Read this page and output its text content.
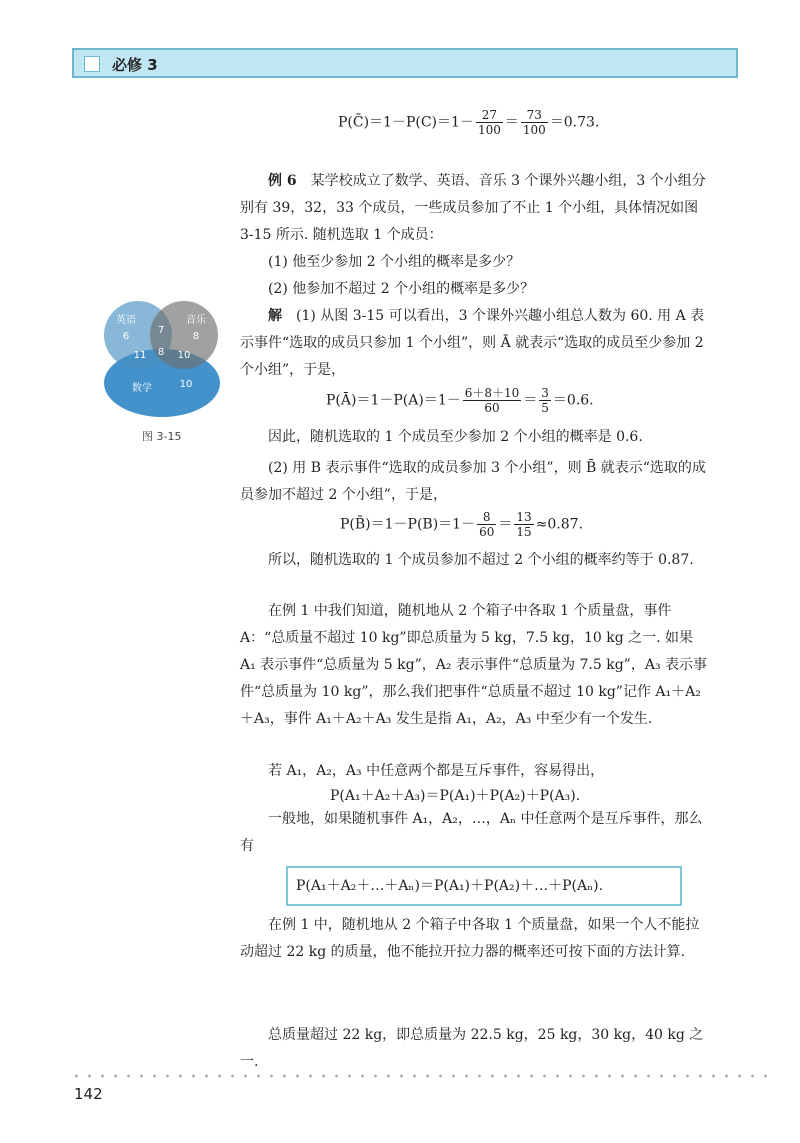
必修 3
P(C̄)＝1－P(C)＝1－ $\frac{27}{100} = \frac{73}{100} =0.73$.
例 6　 某学校成立了数学、英语、音乐 3 个课外兴趣小组，3 个小组分别有 39，32，33 个成员，一些成员参加了不止 1 个小组，具体情况如图 3-15 所示. 随机选取 1 个成员：
(1) 他至少参加 2 个小组的概率是多少？
(2) 他参加不超过 2 个小组的概率是多少？
解　 (1) 从图 3-15 可以看出，3 个课外兴趣小组总人数为 60. 用 A 表示事件“选取的成员只参加 1 个小组”，则 Ā 就表示“选取的成员至少参加 2 个小组”，于是，
P(Ā)＝1－P(A)＝1－ $\frac{6+8+10}{60} = \frac{3}{5} =0.6$.
因此，随机选取的 1 个成员至少参加 2 个小组的概率是 0.6.
(2) 用 B 表示事件“选取的成员参加 3 个小组”，则 B̄ 就表示“选取的成员参加不超过 2 个小组”，于是，
P(B̄)＝1－P(B)＝1－ $\frac{8}{60} = \frac{13}{15} \approx 0.87$.
所以，随机选取的 1 个成员参加不超过 2 个小组的概率约等于 0.87.
英语	音乐
6	8
7
8
11	10
数学	10
图 3-15
在例 1 中我们知道，随机地从 2 个箱子中各取 1 个质量盘，事件 A：“总质量不超过 10 kg”即总质量为 5 kg，7.5 kg，10 kg 之一. 如果 A₁ 表示事件“总质量为 5 kg”，A₂ 表示事件“总质量为 7.5 kg”，A₃ 表示事件“总质量为 10 kg”，那么我们把事件“总质量不超过 10 kg”记作 A₁＋A₂＋A₃，事件 A₁＋A₂＋A₃ 发生是指 A₁，A₂，A₃ 中至少有一个发生.
若 A₁，A₂，A₃ 中任意两个都是互斥事件，容易得出，
P(A₁＋A₂＋A₃)＝P(A₁)＋P(A₂)＋P(A₃).
一般地，如果随机事件 A₁，A₂，…，Aₙ 中任意两个是互斥事件，那么有
P(A₁＋A₂＋…＋Aₙ)＝P(A₁)＋P(A₂)＋…＋P(Aₙ).
在例 1 中，随机地从 2 个箱子中各取 1 个质量盘，如果一个人不能拉动超过 22 kg 的质量，他不能拉开拉力器的概率还可按下面的方法计算.
总质量超过 22 kg，即总质量为 22.5 kg，25 kg，30 kg，40 kg 之一.
142
